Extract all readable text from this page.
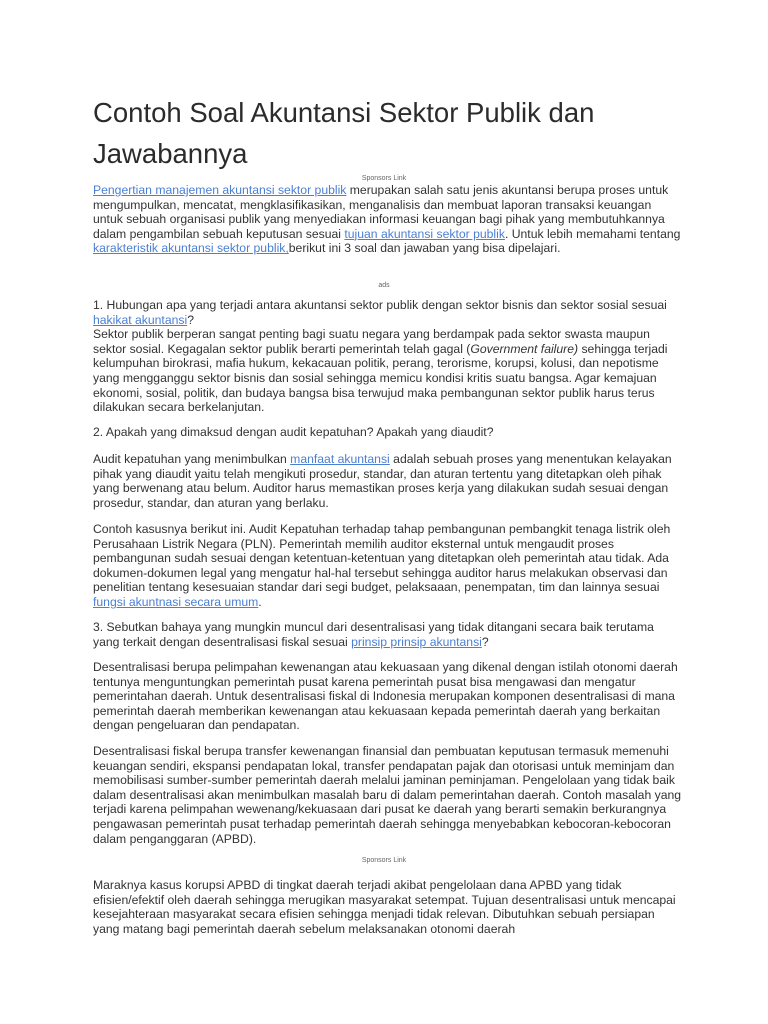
Contoh Soal Akuntansi Sektor Publik dan Jawabannya
Sponsors Link

Pengertian manajemen akuntansi sektor publik merupakan salah satu jenis akuntansi berupa proses untuk mengumpulkan, mencatat, mengklasifikasikan, menganalisis dan membuat laporan transaksi keuangan untuk sebuah organisasi publik yang menyediakan informasi keuangan bagi pihak yang membutuhkannya dalam pengambilan sebuah keputusan sesuai tujuan akuntansi sektor publik. Untuk lebih memahami tentang karakteristik akuntansi sektor publik,berikut ini 3 soal dan jawaban yang bisa dipelajari.

ads

1. Hubungan apa yang terjadi antara akuntansi sektor publik dengan sektor bisnis dan sektor sosial sesuai hakikat akuntansi?
Sektor publik berperan sangat penting bagi suatu negara yang berdampak pada sektor swasta maupun sektor sosial. Kegagalan sektor publik berarti pemerintah telah gagal (Government failure) sehingga terjadi kelumpuhan birokrasi, mafia hukum, kekacauan politik, perang, terorisme, korupsi, kolusi, dan nepotisme yang mengganggu sektor bisnis dan sosial sehingga memicu kondisi kritis suatu bangsa. Agar kemajuan ekonomi, sosial, politik, dan budaya bangsa bisa terwujud maka pembangunan sektor publik harus terus dilakukan secara berkelanjutan.

2. Apakah yang dimaksud dengan audit kepatuhan? Apakah yang diaudit?

Audit kepatuhan yang menimbulkan manfaat akuntansi adalah sebuah proses yang menentukan kelayakan pihak yang diaudit yaitu telah mengikuti prosedur, standar, dan aturan tertentu yang ditetapkan oleh pihak yang berwenang atau belum. Auditor harus memastikan proses kerja yang dilakukan sudah sesuai dengan prosedur, standar, dan aturan yang berlaku.

Contoh kasusnya berikut ini. Audit Kepatuhan terhadap tahap pembangunan pembangkit tenaga listrik oleh Perusahaan Listrik Negara (PLN). Pemerintah memilih auditor eksternal untuk mengaudit proses pembangunan sudah sesuai dengan ketentuan-ketentuan yang ditetapkan oleh pemerintah atau tidak. Ada dokumen-dokumen legal yang mengatur hal-hal tersebut sehingga auditor harus melakukan observasi dan penelitian tentang kesesuaian standar dari segi budget, pelaksaaan, penempatan, tim dan lainnya sesuai fungsi akuntnasi secara umum.

3. Sebutkan bahaya yang mungkin muncul dari desentralisasi yang tidak ditangani secara baik terutama yang terkait dengan desentralisasi fiskal sesuai prinsip prinsip akuntansi?

Desentralisasi berupa pelimpahan kewenangan atau kekuasaan yang dikenal dengan istilah otonomi daerah tentunya menguntungkan pemerintah pusat karena pemerintah pusat bisa mengawasi dan mengatur pemerintahan daerah. Untuk desentralisasi fiskal di Indonesia merupakan komponen desentralisasi di mana pemerintah daerah memberikan kewenangan atau kekuasaan kepada pemerintah daerah yang berkaitan dengan pengeluaran dan pendapatan.

Desentralisasi fiskal berupa transfer kewenangan finansial dan pembuatan keputusan termasuk memenuhi keuangan sendiri, ekspansi pendapatan lokal, transfer pendapatan pajak dan otorisasi untuk meminjam dan memobilisasi sumber-sumber pemerintah daerah melalui jaminan peminjaman. Pengelolaan yang tidak baik dalam desentralisasi akan menimbulkan masalah baru di dalam pemerintahan daerah. Contoh masalah yang terjadi karena pelimpahan wewenang/kekuasaan dari pusat ke daerah yang berarti semakin berkurangnya pengawasan pemerintah pusat terhadap pemerintah daerah sehingga menyebabkan kebocoran-kebocoran dalam penganggaran (APBD).

Sponsors Link

Maraknya kasus korupsi APBD di tingkat daerah terjadi akibat pengelolaan dana APBD yang tidak efisien/efektif oleh daerah sehingga merugikan masyarakat setempat. Tujuan desentralisasi untuk mencapai kesejahteraan masyarakat secara efisien sehingga menjadi tidak relevan. Dibutuhkan sebuah persiapan yang matang bagi pemerintah daerah sebelum melaksanakan otonomi daerah
